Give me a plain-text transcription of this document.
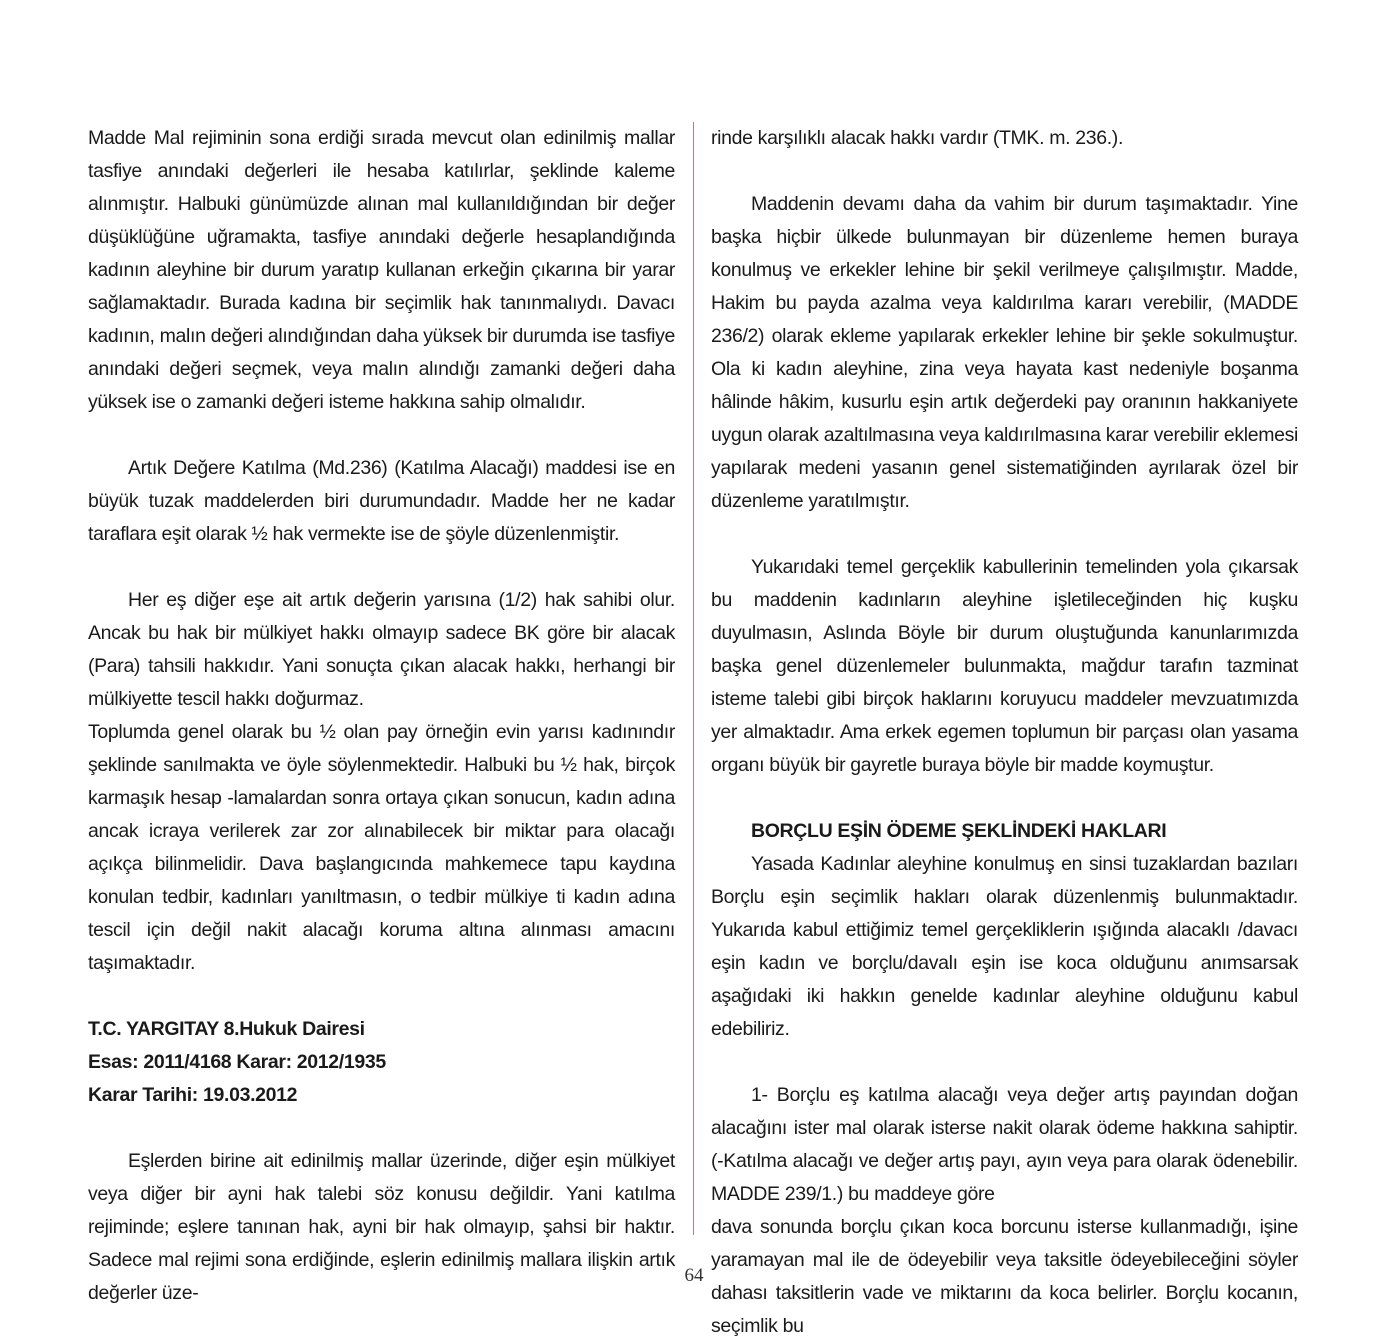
Madde Mal rejiminin sona erdiği sırada mevcut olan edinilmiş mallar tasfiye anındaki değerleri ile hesaba katılırlar, şeklinde kaleme alınmıştır. Halbuki günümüzde alınan mal kullanıldığından bir değer düşüklüğüne uğramakta, tasfiye anındaki değerle hesaplandığında kadının aleyhine bir durum yaratıp kullanan erkeğin çıkarına bir yarar sağlamaktadır. Burada kadına bir seçimlik hak tanınmalıydı. Davacı kadının, malın değeri alındığından daha yüksek bir durumda ise tasfiye anındaki değeri seçmek, veya malın alındığı zamanki değeri daha yüksek ise o zamanki değeri isteme hakkına sahip olmalıdır.

Artık Değere Katılma (Md.236) (Katılma Alacağı) maddesi ise en büyük tuzak maddelerden biri durumundadır. Madde her ne kadar taraflara eşit olarak ½ hak vermekte ise de şöyle düzenlenmiştir.

Her eş diğer eşe ait artık değerin yarısına (1/2) hak sahibi olur. Ancak bu hak bir mülkiyet hakkı olmayıp sadece BK göre bir alacak (Para) tahsili hakkıdır. Yani sonuçta çıkan alacak hakkı, herhangi bir mülkiyette tescil hakkı doğurmaz.

Toplumda genel olarak bu ½ olan pay örneğin evin yarısı kadınındır şeklinde sanılmakta ve öyle söylenmektedir. Halbuki bu ½ hak, birçok karmaşık hesap -lamalardan sonra ortaya çıkan sonucun, kadın adına ancak icraya verilerek zar zor alınabilecek bir miktar para olacağı açıkça bilinmelidir. Dava başlangıcında mahkemece tapu kaydına konulan tedbir, kadınları yanıltmasın, o tedbir mülkiye ti kadın adına tescil için değil nakit alacağı koruma altına alınması amacını taşımaktadır.

T.C. YARGITAY 8.Hukuk Dairesi

Esas: 2011/4168 Karar: 2012/1935

Karar Tarihi: 19.03.2012

Eşlerden birine ait edinilmiş mallar üzerinde, diğer eşin mülkiyet veya diğer bir ayni hak talebi söz konusu değildir. Yani katılma rejiminde; eşlere tanınan hak, ayni bir hak olmayıp, şahsi bir haktır. Sadece mal rejimi sona erdiğinde, eşlerin edinilmiş mallara ilişkin artık değerler üze-

rinde karşılıklı alacak hakkı vardır (TMK. m. 236.).

Maddenin devamı daha da vahim bir durum taşımaktadır. Yine başka hiçbir ülkede bulunmayan bir düzenleme hemen buraya konulmuş ve erkekler lehine bir şekil verilmeye çalışılmıştır. Madde, Hakim bu payda azalma veya kaldırılma kararı verebilir, (MADDE 236/2) olarak ekleme yapılarak erkekler lehine bir şekle sokulmuştur. Ola ki kadın aleyhine, zina veya hayata kast nedeniyle boşanma hâlinde hâkim, kusurlu eşin artık değerdeki pay oranının hakkaniyete uygun olarak azaltılmasına veya kaldırılmasına karar verebilir eklemesi yapılarak medeni yasanın genel sistematiğinden ayrılarak özel bir düzenleme yaratılmıştır.

Yukarıdaki temel gerçeklik kabullerinin temelinden yola çıkarsak bu maddenin kadınların aleyhine işletileceğinden hiç kuşku duyulmasın, Aslında Böyle bir durum oluştuğunda kanunlarımızda başka genel düzenlemeler bulunmakta, mağdur tarafın tazminat isteme talebi gibi birçok haklarını koruyucu maddeler mevzuatımızda yer almaktadır. Ama erkek egemen toplumun bir parçası olan yasama organı büyük bir gayretle buraya böyle bir madde koymuştur.

BORÇLU EŞİN ÖDEME ŞEKLİNDEKİ HAKLARI

Yasada Kadınlar aleyhine konulmuş en sinsi tuzaklardan bazıları Borçlu eşin seçimlik hakları olarak düzenlenmiş bulunmaktadır. Yukarıda kabul ettiğimiz temel gerçekliklerin ışığında alacaklı /davacı eşin kadın ve borçlu/davalı eşin ise koca olduğunu anımsarsak aşağıdaki iki hakkın genelde kadınlar aleyhine olduğunu kabul edebiliriz.

1- Borçlu eş katılma alacağı veya değer artış payından doğan alacağını ister mal olarak isterse nakit olarak ödeme hakkına sahiptir. (-Katılma alacağı ve değer artış payı, ayın veya para olarak ödenebilir. MADDE 239/1.) bu maddeye göre

dava sonunda borçlu çıkan koca borcunu isterse kullanmadığı, işine yaramayan mal ile de ödeyebilir veya taksitle ödeyebileceğini söyler dahası taksitlerin vade ve miktarını da koca belirler. Borçlu kocanın, seçimlik bu

64
